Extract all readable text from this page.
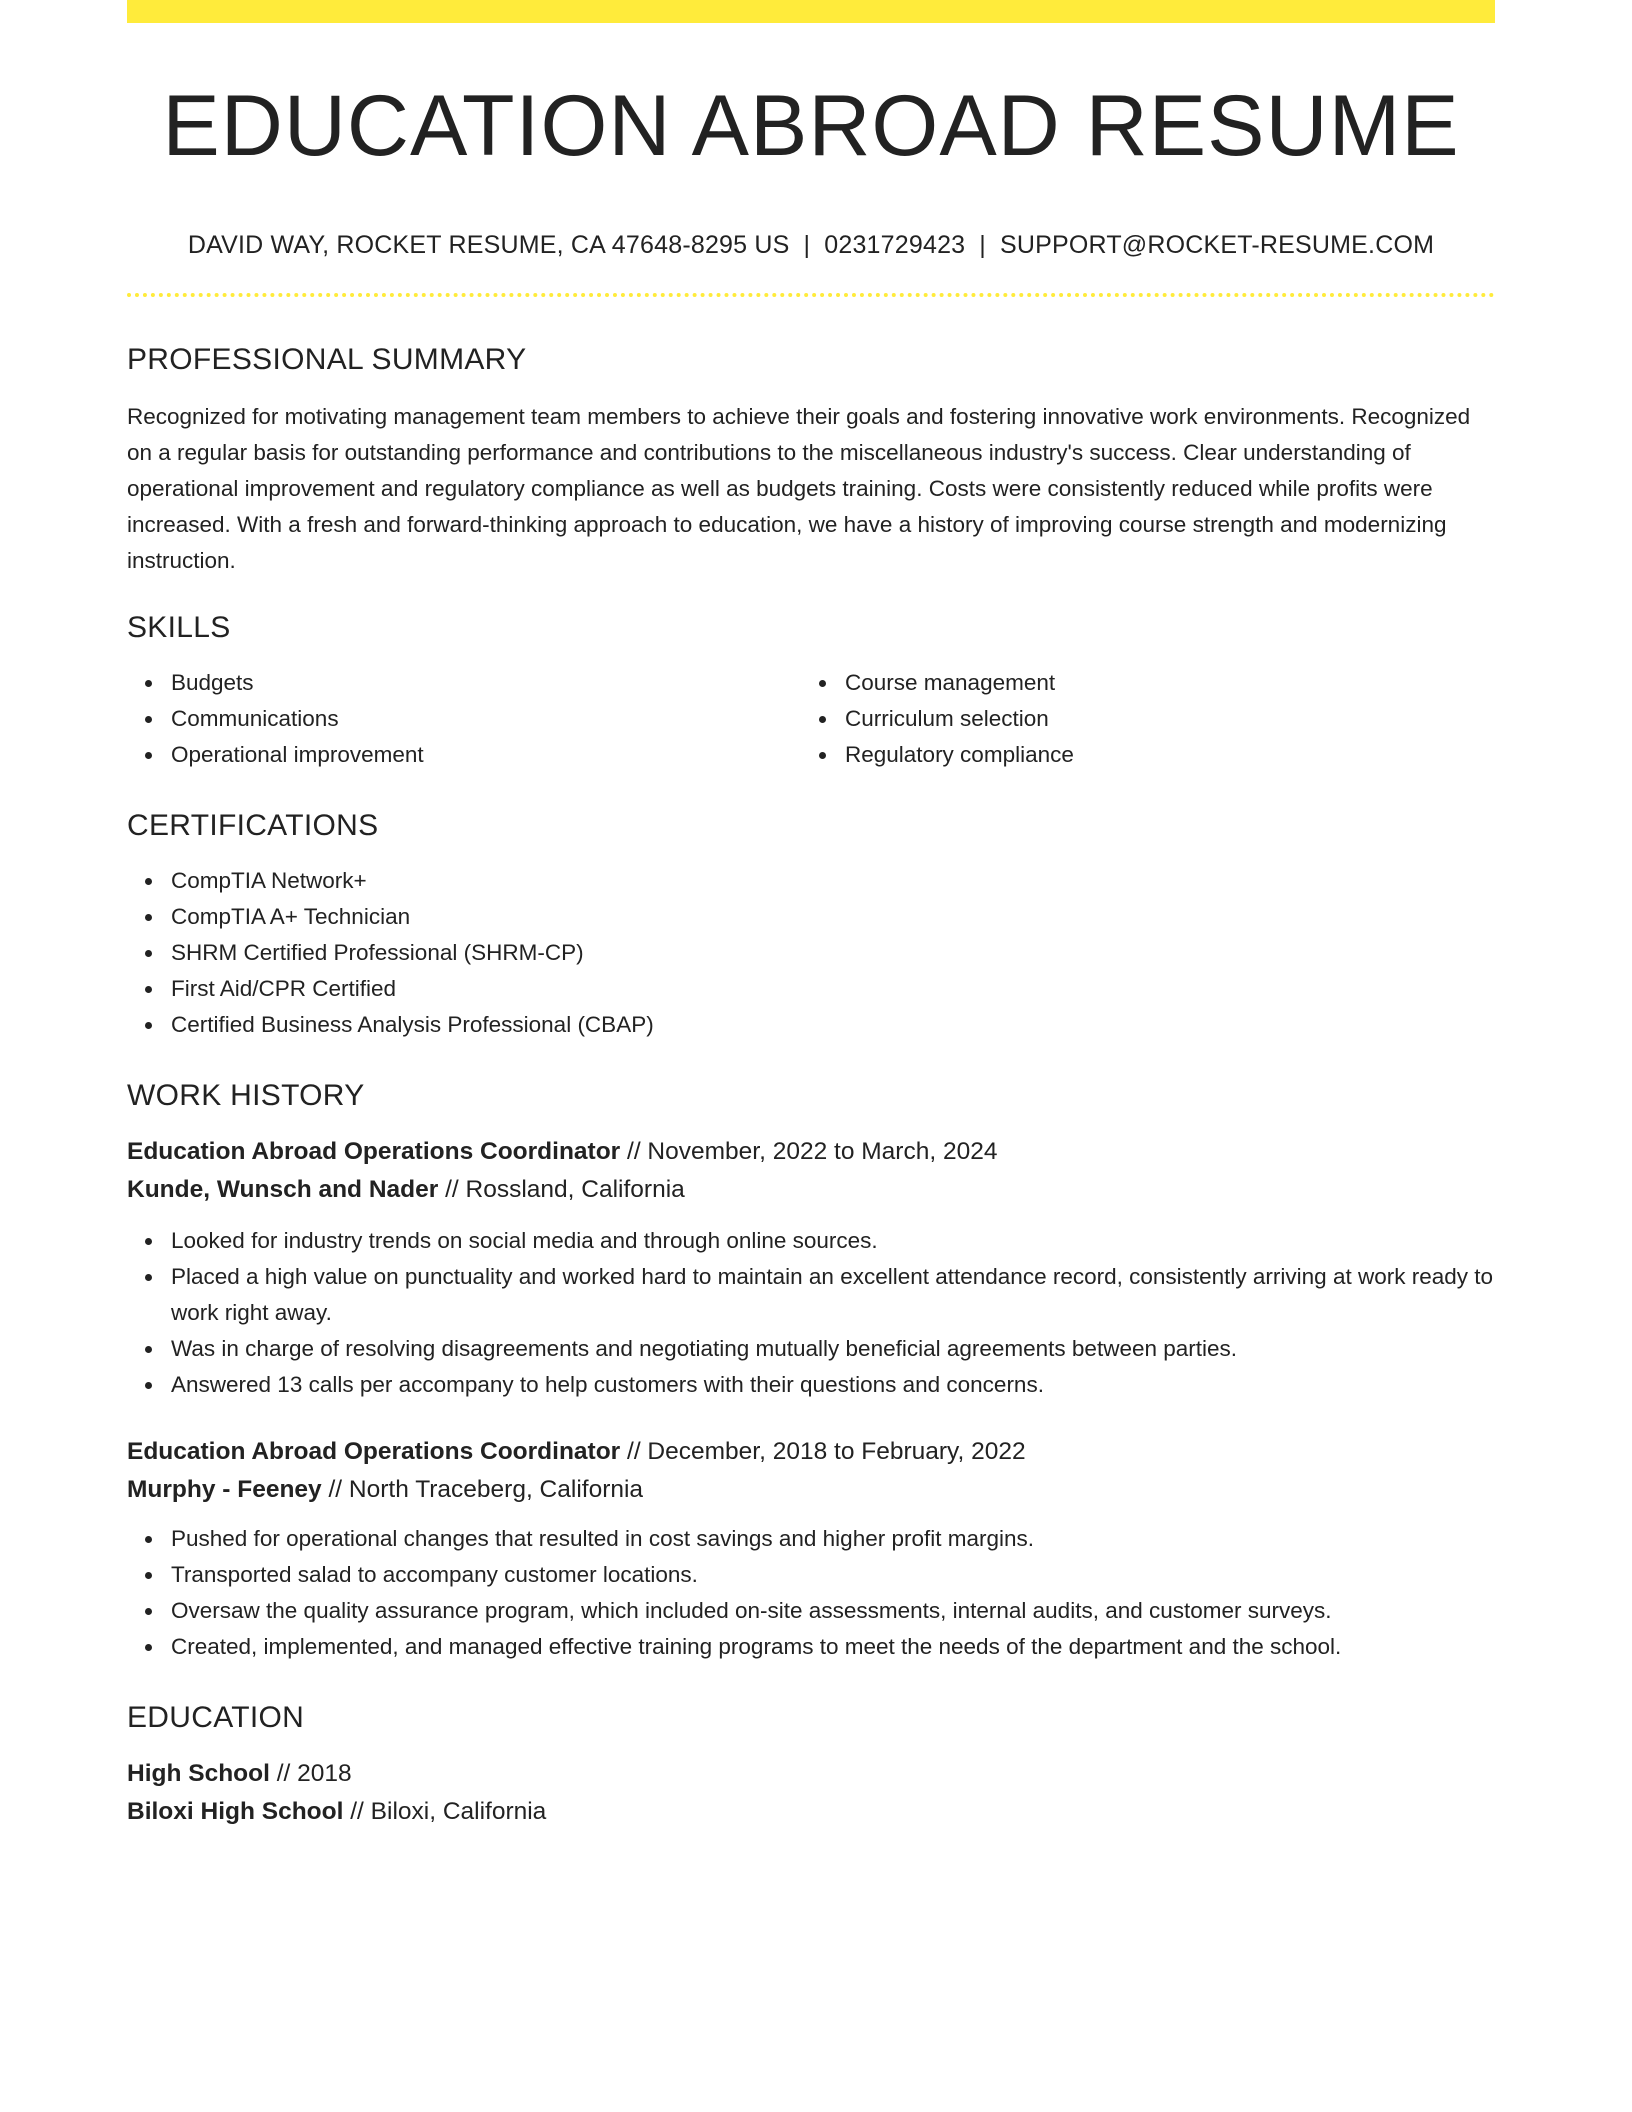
EDUCATION ABROAD RESUME
DAVID WAY, ROCKET RESUME, CA 47648-8295 US | 0231729423 | SUPPORT@ROCKET-RESUME.COM
PROFESSIONAL SUMMARY

Recognized for motivating management team members to achieve their goals and fostering innovative work environments. Recognized on a regular basis for outstanding performance and contributions to the miscellaneous industry's success. Clear understanding of operational improvement and regulatory compliance as well as budgets training. Costs were consistently reduced while profits were increased. With a fresh and forward-thinking approach to education, we have a history of improving course strength and modernizing instruction.

SKILLS
Budgets
Communications
Operational improvement
Course management
Curriculum selection
Regulatory compliance
CERTIFICATIONS
CompTIA Network+
CompTIA A+ Technician
SHRM Certified Professional (SHRM-CP)
First Aid/CPR Certified
Certified Business Analysis Professional (CBAP)
WORK HISTORY
Education Abroad Operations Coordinator // November, 2022 to March, 2024
Kunde, Wunsch and Nader // Rossland, California
Looked for industry trends on social media and through online sources.
Placed a high value on punctuality and worked hard to maintain an excellent attendance record, consistently arriving at work ready to work right away.
Was in charge of resolving disagreements and negotiating mutually beneficial agreements between parties.
Answered 13 calls per accompany to help customers with their questions and concerns.
Education Abroad Operations Coordinator // December, 2018 to February, 2022
Murphy - Feeney // North Traceberg, California
Pushed for operational changes that resulted in cost savings and higher profit margins.
Transported salad to accompany customer locations.
Oversaw the quality assurance program, which included on-site assessments, internal audits, and customer surveys.
Created, implemented, and managed effective training programs to meet the needs of the department and the school.
EDUCATION
High School // 2018
Biloxi High School // Biloxi, California
